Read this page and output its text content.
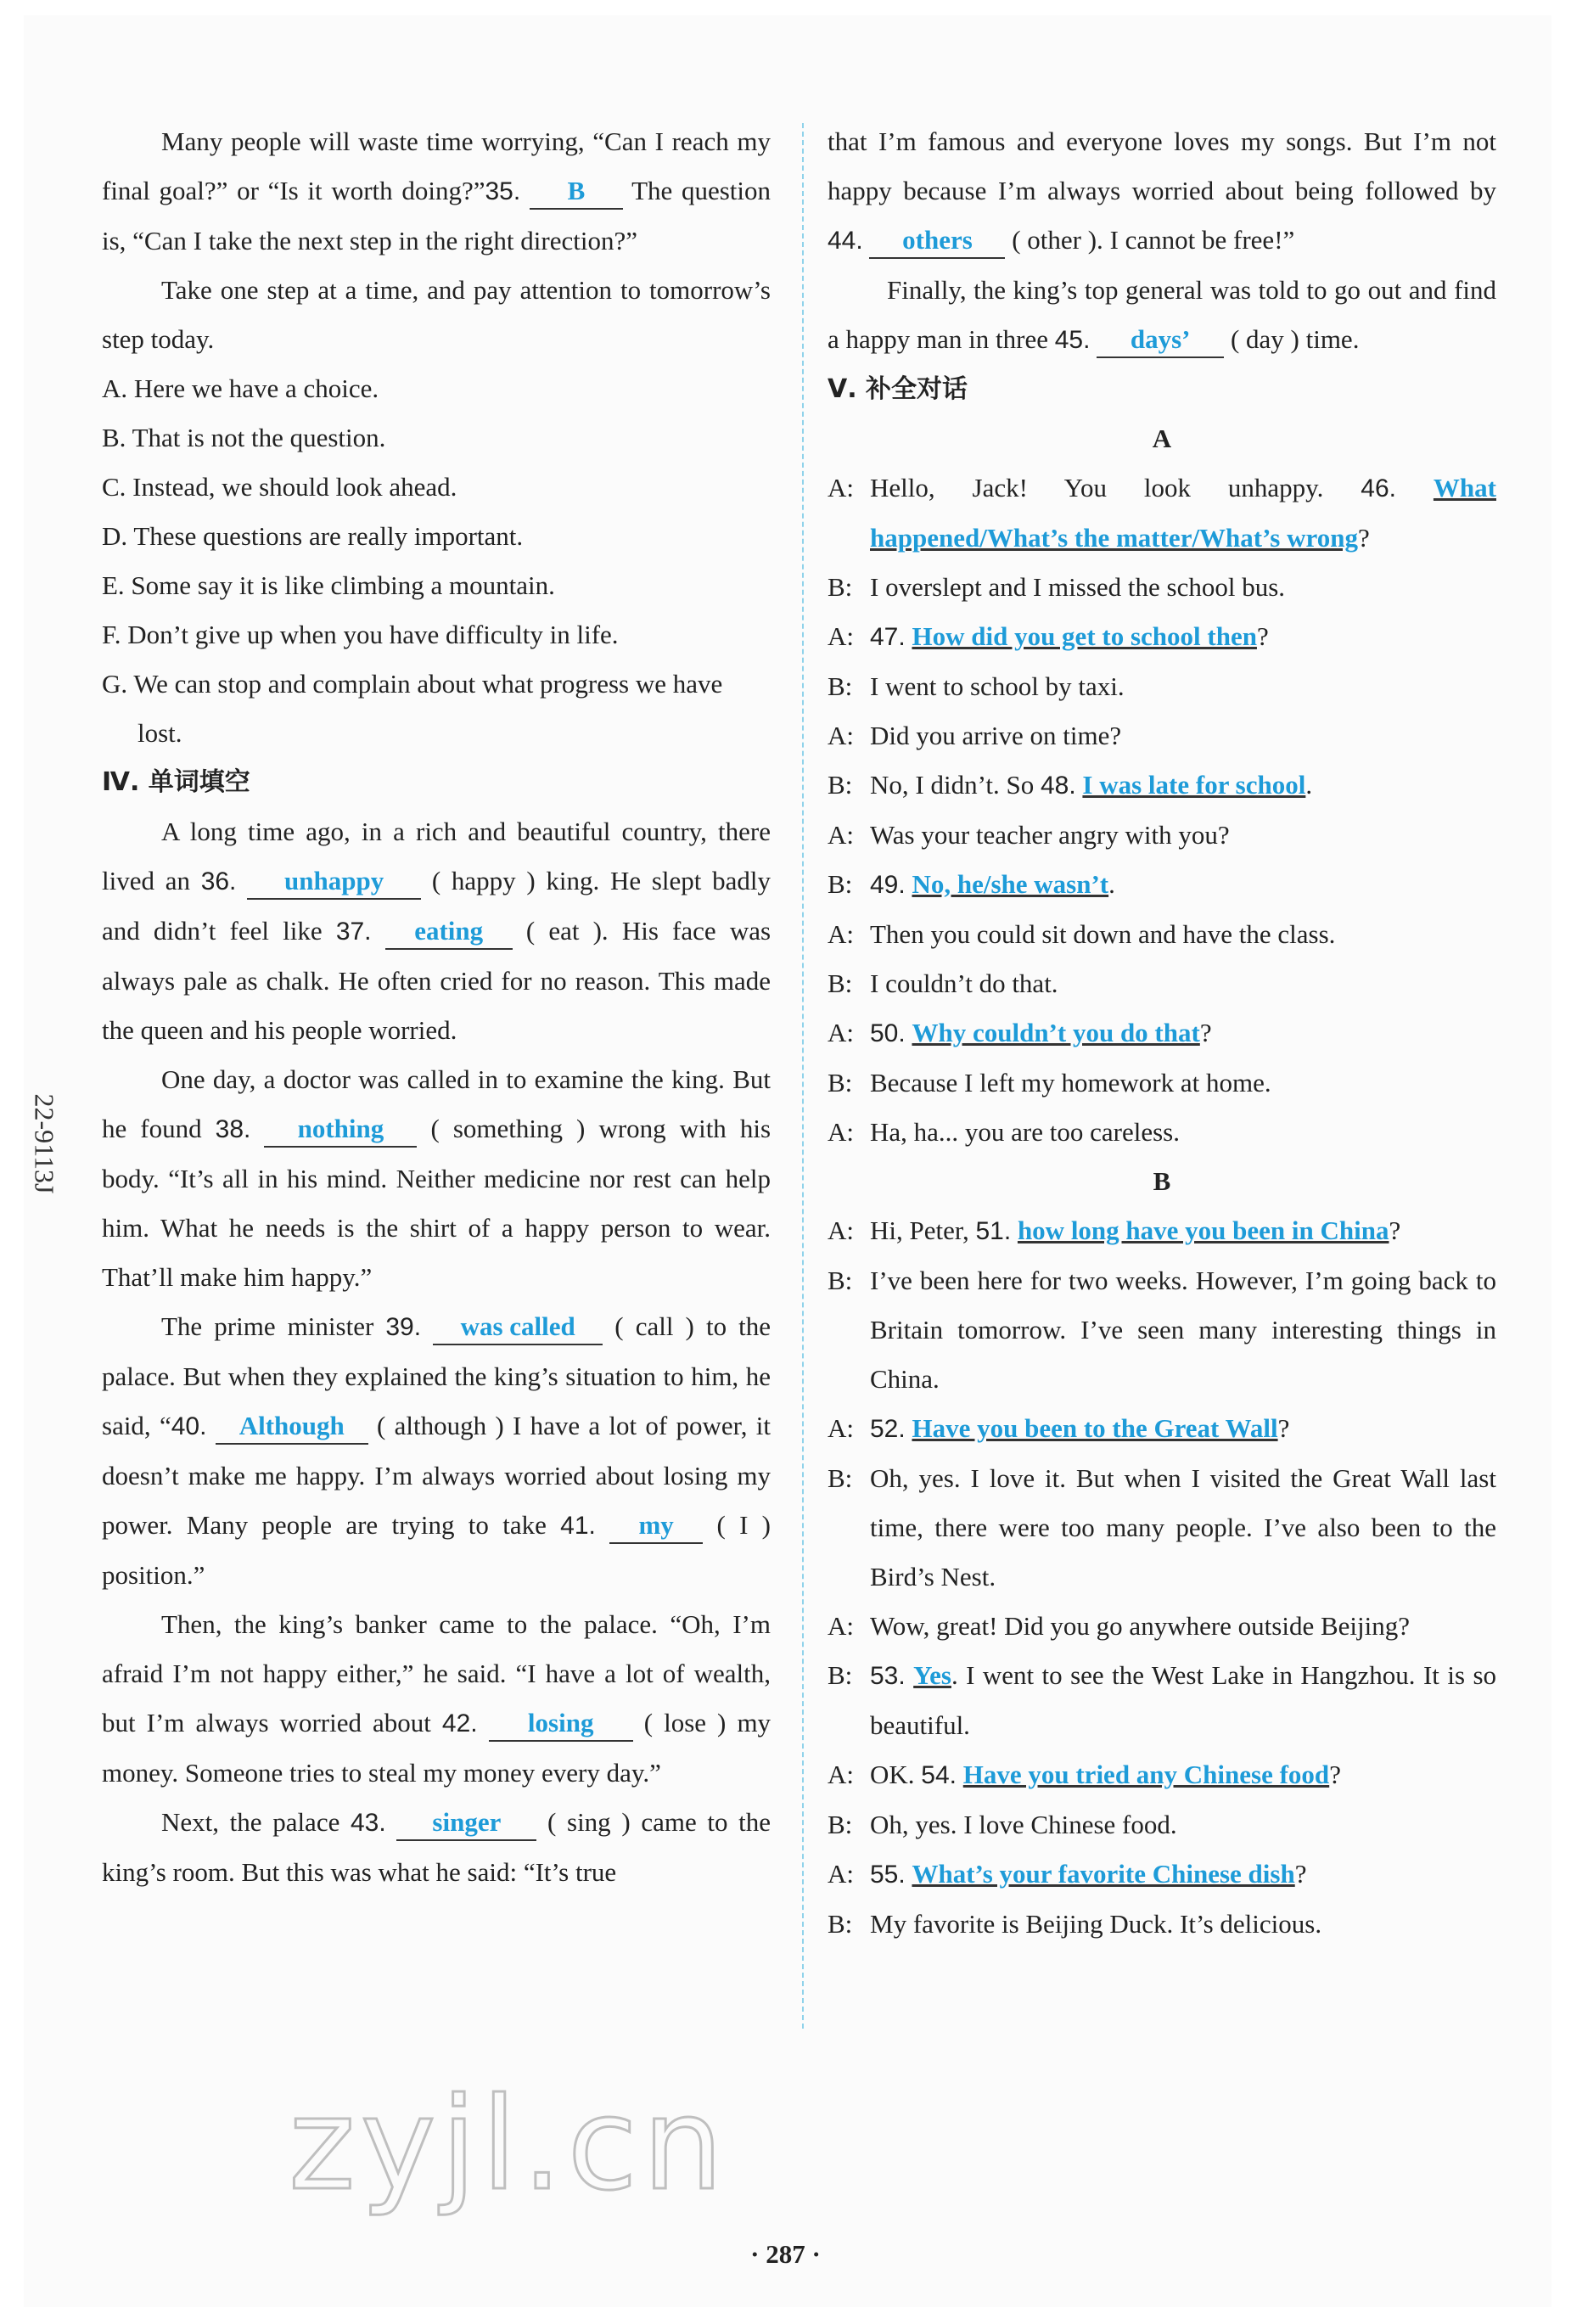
22-9113J

Many people will waste time worrying, “Can I reach my final goal?” or “Is it worth doing?”35. B The question is, “Can I take the next step in the right direction?”

Take one step at a time, and pay attention to tomorrow’s step today.

A. Here we have a choice.

B. That is not the question.

C. Instead, we should look ahead.

D. These questions are really important.

E. Some say it is like climbing a mountain.

F. Don’t give up when you have difficulty in life.

G. We can stop and complain about what progress we have lost.

Ⅳ. 单词填空

A long time ago, in a rich and beautiful country, there lived an 36. unhappy ( happy ) king. He slept badly and didn’t feel like 37. eating ( eat ). His face was always pale as chalk. He often cried for no reason. This made the queen and his people worried.

One day, a doctor was called in to examine the king. But he found 38. nothing ( something ) wrong with his body. “It’s all in his mind. Neither medicine nor rest can help him. What he needs is the shirt of a happy person to wear. That’ll make him happy.”

The prime minister 39. was called ( call ) to the palace. But when they explained the king’s situation to him, he said, “40. Although ( although ) I have a lot of power, it doesn’t make me happy. I’m always worried about losing my power. Many people are trying to take 41. my ( I ) position.”

Then, the king’s banker came to the palace. “Oh, I’m afraid I’m not happy either,” he said. “I have a lot of wealth, but I’m always worried about 42. losing ( lose ) my money. Someone tries to steal my money every day.”

Next, the palace 43. singer ( sing ) came to the king’s room. But this was what he said: “It’s true

that I’m famous and everyone loves my songs. But I’m not happy because I’m always worried about being followed by 44. others ( other ). I cannot be free!”

Finally, the king’s top general was told to go out and find a happy man in three 45. days’ ( day ) time.

Ⅴ. 补全对话

A

A: Hello, Jack! You look unhappy. 46. What happened/What’s the matter/What’s wrong?
B: I overslept and I missed the school bus.
A: 47. How did you get to school then?
B: I went to school by taxi.
A: Did you arrive on time?
B: No, I didn’t. So 48. I was late for school.
A: Was your teacher angry with you?
B: 49. No, he/she wasn’t.
A: Then you could sit down and have the class.
B: I couldn’t do that.
A: 50. Why couldn’t you do that?
B: Because I left my homework at home.
A: Ha, ha... you are too careless.

B

A: Hi, Peter, 51. how long have you been in China?
B: I’ve been here for two weeks. However, I’m going back to Britain tomorrow. I’ve seen many interesting things in China.
A: 52. Have you been to the Great Wall?
B: Oh, yes. I love it. But when I visited the Great Wall last time, there were too many people. I’ve also been to the Bird’s Nest.
A: Wow, great! Did you go anywhere outside Beijing?
B: 53. Yes. I went to see the West Lake in Hangzhou. It is so beautiful.
A: OK. 54. Have you tried any Chinese food?
B: Oh, yes. I love Chinese food.
A: 55. What’s your favorite Chinese dish?
B: My favorite is Beijing Duck. It’s delicious.
zyjl.cn
· 287 ·
